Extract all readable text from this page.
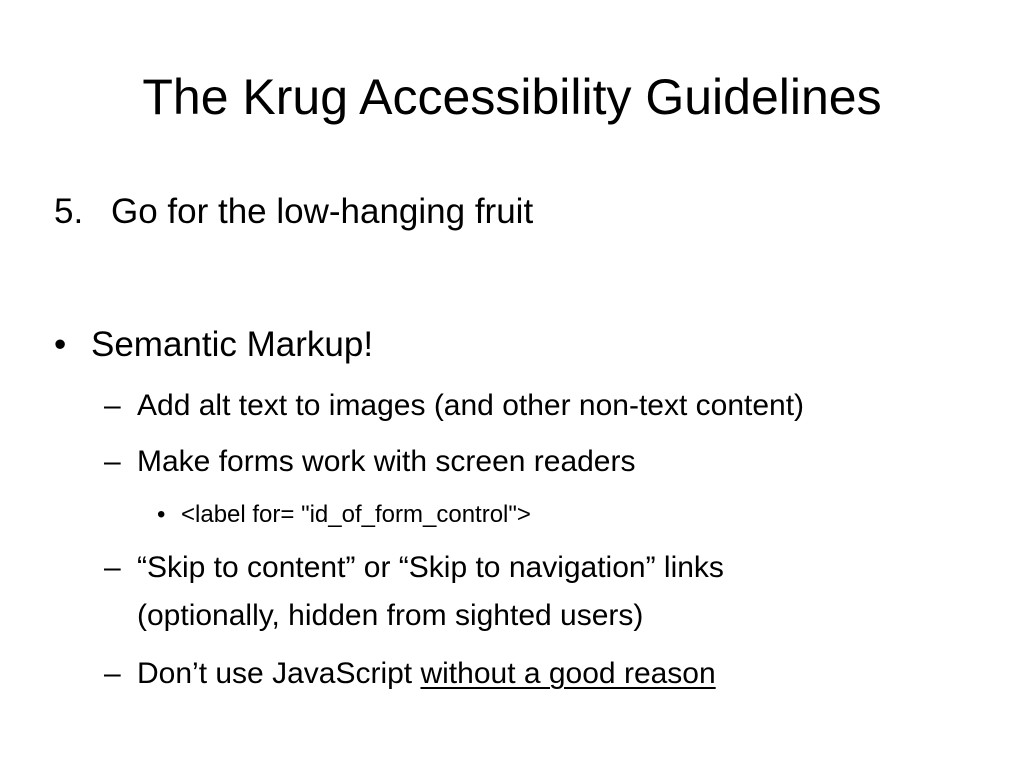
The Krug Accessibility Guidelines
5. Go for the low-hanging fruit
• Semantic Markup!
– Add alt text to images (and other non-text content)
– Make forms work with screen readers
• <label for= "id_of_form_control">
– “Skip to content” or “Skip to navigation” links
(optionally, hidden from sighted users)
– Don’t use JavaScript without a good reason
